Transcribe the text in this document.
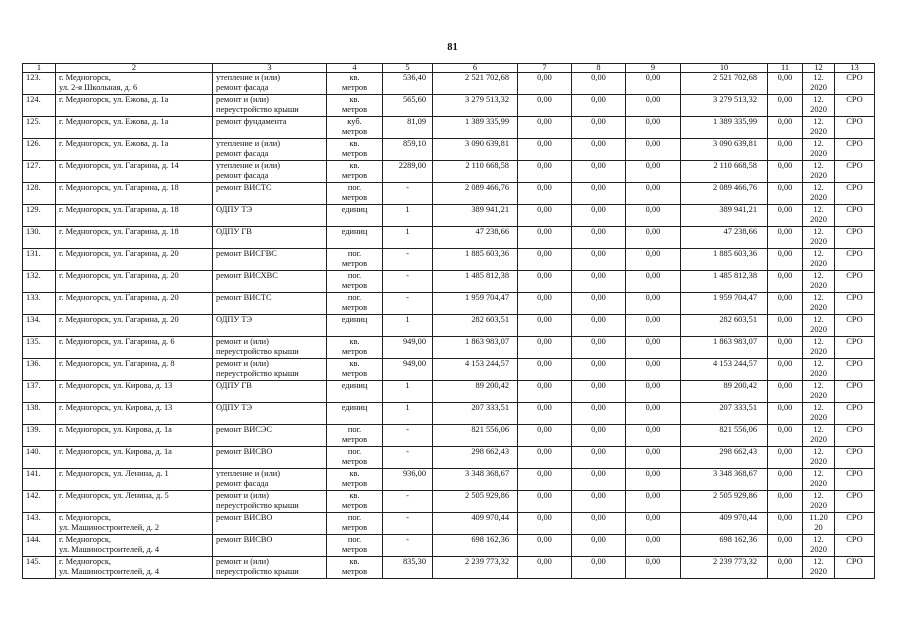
81
1	2	3	4	5	6	7	8	9	10	11	12	13
123.	г. Медногорск,
ул. 2-я Школьная, д. 6	утепление и (или)
ремонт фасада	кв.
метров	536,40	2 521 702,68	0,00	0,00	0,00	2 521 702,68	0,00	12.
2020	СРО
124.	г. Медногорск, ул. Ежова, д. 1а	ремонт и (или)
переустройство крыши	кв.
метров	565,60	3 279 513,32	0,00	0,00	0,00	3 279 513,32	0,00	12.
2020	СРО
125.	г. Медногорск, ул. Ежова, д. 1а	ремонт фундамента	куб.
метров	81,09	1 389 335,99	0,00	0,00	0,00	1 389 335,99	0,00	12.
2020	СРО
126.	г. Медногорск, ул. Ежова, д. 1а	утепление и (или)
ремонт фасада	кв.
метров	859,10	3 090 639,81	0,00	0,00	0,00	3 090 639,81	0,00	12.
2020	СРО
127.	г. Медногорск, ул. Гагарина, д. 14	утепление и (или)
ремонт фасада	кв.
метров	2289,00	2 110 668,58	0,00	0,00	0,00	2 110 668,58	0,00	12.
2020	СРО
128.	г. Медногорск, ул. Гагарина, д. 18	ремонт ВИСТС	пог.
метров	-	2 089 466,76	0,00	0,00	0,00	2 089 466,76	0,00	12.
2020	СРО
129.	г. Медногорск, ул. Гагарина, д. 18	ОДПУ ТЭ	единиц	1	389 941,21	0,00	0,00	0,00	389 941,21	0,00	12.
2020	СРО
130.	г. Медногорск, ул. Гагарина, д. 18	ОДПУ ГВ	единиц	1	47 238,66	0,00	0,00	0,00	47 238,66	0,00	12.
2020	СРО
131.	г. Медногорск, ул. Гагарина, д. 20	ремонт ВИСГВС	пог.
метров	-	1 885 603,36	0,00	0,00	0,00	1 885 603,36	0,00	12.
2020	СРО
132.	г. Медногорск, ул. Гагарина, д. 20	ремонт ВИСХВС	пог.
метров	-	1 485 812,38	0,00	0,00	0,00	1 485 812,38	0,00	12.
2020	СРО
133.	г. Медногорск, ул. Гагарина, д. 20	ремонт ВИСТС	пог.
метров	-	1 959 704,47	0,00	0,00	0,00	1 959 704,47	0,00	12.
2020	СРО
134.	г. Медногорск, ул. Гагарина, д. 20	ОДПУ ТЭ	единиц	1	282 603,51	0,00	0,00	0,00	282 603,51	0,00	12.
2020	СРО
135.	г. Медногорск, ул. Гагарина, д. 6	ремонт и (или)
переустройство крыши	кв.
метров	949,00	1 863 983,07	0,00	0,00	0,00	1 863 983,07	0,00	12.
2020	СРО
136.	г. Медногорск, ул. Гагарина, д. 8	ремонт и (или)
переустройство крыши	кв.
метров	949,00	4 153 244,57	0,00	0,00	0,00	4 153 244,57	0,00	12.
2020	СРО
137.	г. Медногорск, ул. Кирова, д. 13	ОДПУ ГВ	единиц	1	89 200,42	0,00	0,00	0,00	89 200,42	0,00	12.
2020	СРО
138.	г. Медногорск, ул. Кирова, д. 13	ОДПУ ТЭ	единиц	1	207 333,51	0,00	0,00	0,00	207 333,51	0,00	12.
2020	СРО
139.	г. Медногорск, ул. Кирова, д. 1а	ремонт ВИСЭС	пог.
метров	-	821 556,06	0,00	0,00	0,00	821 556,06	0,00	12.
2020	СРО
140.	г. Медногорск, ул. Кирова, д. 1а	ремонт ВИСВО	пог.
метров	-	298 662,43	0,00	0,00	0,00	298 662,43	0,00	12.
2020	СРО
141.	г. Медногорск, ул. Ленина, д. 1	утепление и (или)
ремонт фасада	кв.
метров	936,00	3 348 368,67	0,00	0,00	0,00	3 348 368,67	0,00	12.
2020	СРО
142.	г. Медногорск, ул. Ленина, д. 5	ремонт и (или)
переустройство крыши	кв.
метров	-	2 505 929,86	0,00	0,00	0,00	2 505 929,86	0,00	12.
2020	СРО
143.	г. Медногорск,
ул. Машиностроителей, д. 2	ремонт ВИСВО	пог.
метров	-	409 970,44	0,00	0,00	0,00	409 970,44	0,00	11.20
20	СРО
144.	г. Медногорск,
ул. Машиностроителей, д. 4	ремонт ВИСВО	пог.
метров	-	698 162,36	0,00	0,00	0,00	698 162,36	0,00	12.
2020	СРО
145.	г. Медногорск,
ул. Машиностроителей, д. 4	ремонт и (или)
переустройство крыши	кв.
метров	835,30	2 239 773,32	0,00	0,00	0,00	2 239 773,32	0,00	12.
2020	СРО
